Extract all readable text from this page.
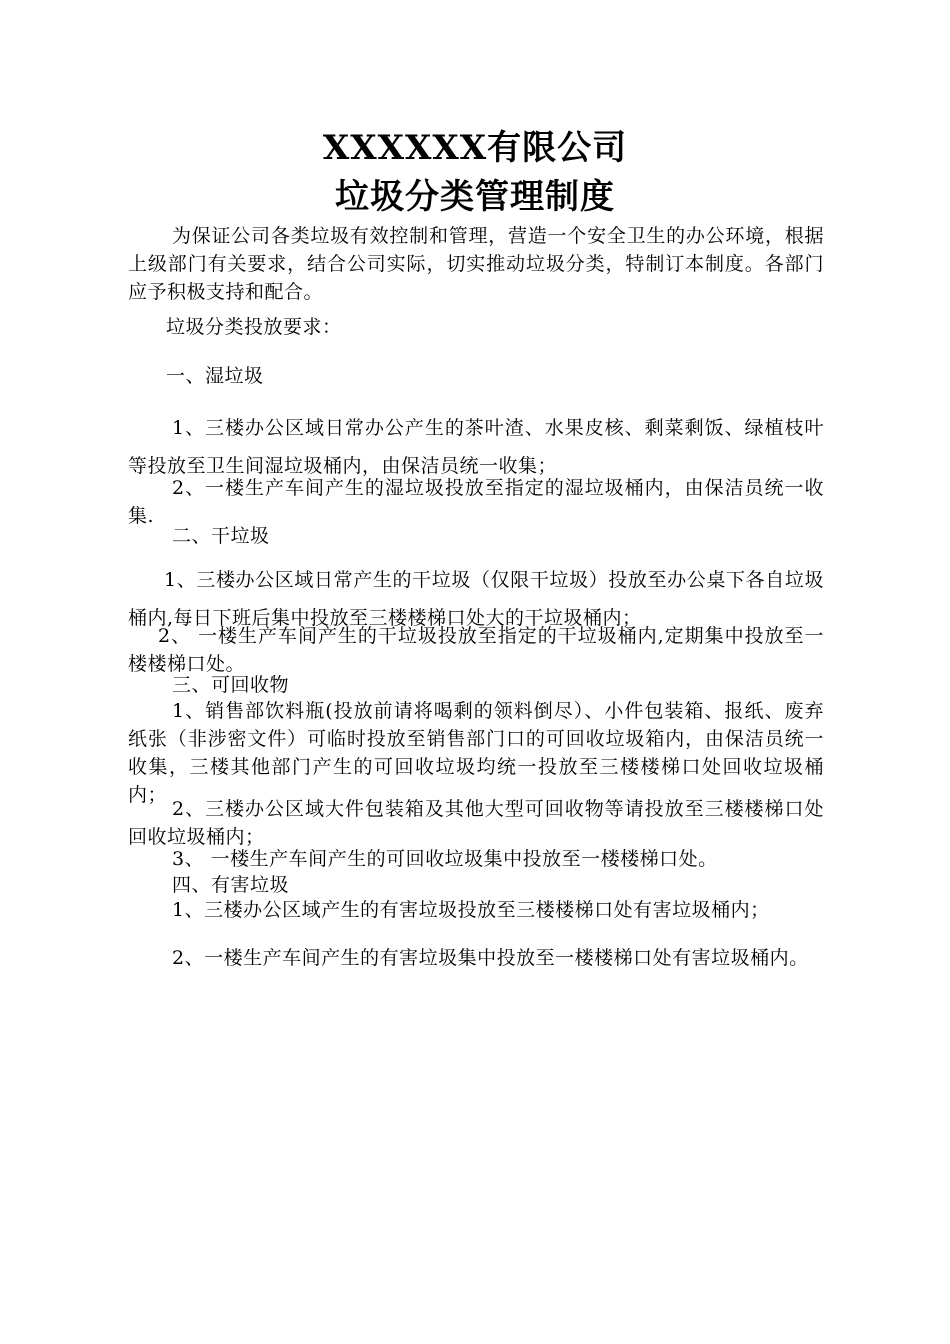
XXXXXX有限公司
垃圾分类管理制度
为保证公司各类垃圾有效控制和管理，营造一个安全卫生的办公环境，根据上级部门有关要求，结合公司实际，切实推动垃圾分类，特制订本制度。各部门应予积极支持和配合。
垃圾分类投放要求：
一、湿垃圾
1、三楼办公区域日常办公产生的茶叶渣、水果皮核、剩菜剩饭、绿植枝叶等投放至卫生间湿垃圾桶内，由保洁员统一收集；
2、一楼生产车间产生的湿垃圾投放至指定的湿垃圾桶内，由保洁员统一收集.
二、干垃圾
1、三楼办公区域日常产生的干垃圾（仅限干垃圾）投放至办公桌下各自垃圾桶内,每日下班后集中投放至三楼楼梯口处大的干垃圾桶内；
2、 一楼生产车间产生的干垃圾投放至指定的干垃圾桶内,定期集中投放至一楼楼梯口处。
三、可回收物
1、销售部饮料瓶(投放前请将喝剩的领料倒尽）、小件包装箱、报纸、废弃纸张（非涉密文件）可临时投放至销售部门口的可回收垃圾箱内，由保洁员统一收集，三楼其他部门产生的可回收垃圾均统一投放至三楼楼梯口处回收垃圾桶内；
2、三楼办公区域大件包装箱及其他大型可回收物等请投放至三楼楼梯口处回收垃圾桶内；
3、 一楼生产车间产生的可回收垃圾集中投放至一楼楼梯口处。
四、有害垃圾
1、三楼办公区域产生的有害垃圾投放至三楼楼梯口处有害垃圾桶内；
2、一楼生产车间产生的有害垃圾集中投放至一楼楼梯口处有害垃圾桶内。
